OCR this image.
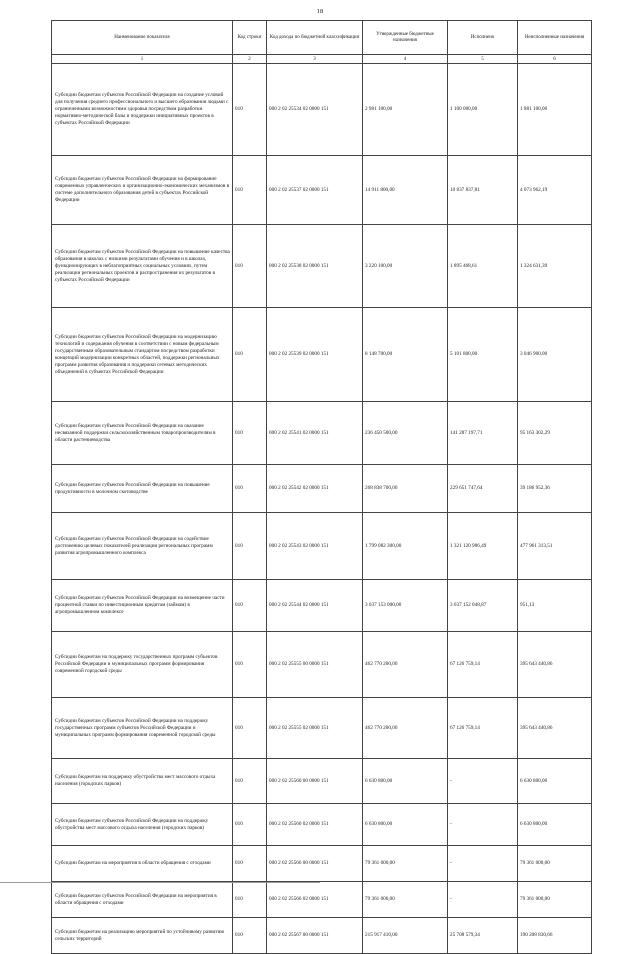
18
Наименование показателя	Код строки	Код дохода по бюджетной классификации	Утвержденные бюджетные назначения	Исполнено	Неисполненные назначения
1	2	3	4	5	6
Субсидии бюджетам субъектов Российской Федерации на создание условий для получения среднего профессионального и высшего образования людьми с ограниченными возможностями здоровья посредством разработки нормативно-методической базы и поддержки инициативных проектов в субъектах Российской Федерации	010	000 2 02 25534 02 0000 151	2 981 100,00	1 100 000,00	1 881 100,00
Субсидии бюджетам субъектов Российской Федерации на формирование современных управленческих и организационно-экономических механизмов в системе дополнительного образования детей в субъектах Российской Федерации	010	000 2 02 25537 02 0000 151	14 911 800,00	10 837 837,81	4 073 962,19
Субсидии бюджетам субъектов Российской Федерации на повышение качества образования в школах с низкими результатами обучения и в школах, функционирующих в неблагоприятных социальных условиях, путем реализации региональных проектов и распространения их результатов в субъектах Российской Федерации	010	000 2 02 25538 02 0000 151	3 220 100,00	1 895 468,61	1 324 631,39
Субсидии бюджетам субъектов Российской Федерации на модернизацию технологий и содержания обучения в соответствии с новым федеральным государственным образовательным стандартом посредством разработки концепций модернизации конкретных областей, поддержки региональных программ развития образования и поддержки сетевых методических объединений в субъектах Российской Федерации	010	000 2 02 25539 02 0000 151	8 148 700,00	5 101 800,00	3 046 900,00
Субсидии бюджетам субъектов Российской Федерации на оказание несвязанной поддержки сельскохозяйственным товаропроизводителям в области растениеводства	010	000 2 02 25541 02 0000 151	236 450 500,00	141 287 197,71	95 163 302,29
Субсидии бюджетам субъектов Российской Федерации на повышение продуктивности в молочном скотоводстве	010	000 2 02 25542 02 0000 151	268 838 700,00	229 651 747,64	39 186 952,36
Субсидии бюджетам субъектов Российской Федерации на содействие достижению целевых показателей реализации региональных программ развития агропромышленного комплекса	010	000 2 02 25543 02 0000 151	1 799 082 300,00	1 321 120 986,49	477 961 313,51
Субсидии бюджетам субъектов Российской Федерации на возмещение части процентной ставки по инвестиционным кредитам (займам) в агропромышленном комплексе	010	000 2 02 25544 02 0000 151	3 037 153 000,00	3 037 152 048,87	951,13
Субсидии бюджетам на поддержку государственных программ субъектов Российской Федерации и муниципальных программ формирования современной городской среды	010	000 2 02 25555 00 0000 151	462 770 200,00	67 126 759,14	395 643 440,86
Субсидии бюджетам субъектов Российской Федерации на поддержку государственных программ субъектов Российской Федерации и муниципальных программ формирования современной городской среды	010	000 2 02 25555 02 0000 151	462 770 200,00	67 126 759,14	395 643 440,86
Субсидии бюджетам на поддержку обустройства мест массового отдыха населения (городских парков)	010	000 2 02 25560 00 0000 151	6 630 800,00	-	6 630 800,00
Субсидии бюджетам субъектов Российской Федерации на поддержку обустройства мест массового отдыха населения (городских парков)	010	000 2 02 25560 02 0000 151	6 630 800,00	-	6 630 800,00
Субсидии бюджетам на мероприятия в области обращения с отходами	010	000 2 02 25566 00 0000 151	79 361 000,00	-	79 361 000,00
Субсидии бюджетам субъектов Российской Федерации на мероприятия в области обращения с отходами	010	000 2 02 25566 02 0000 151	79 361 000,00	-	79 361 000,00
Субсидии бюджетам на реализацию мероприятий по устойчивому развитию сельских территорий	010	000 2 02 25567 00 0000 151	215 917 410,00	25 708 579,34	190 208 830,66
